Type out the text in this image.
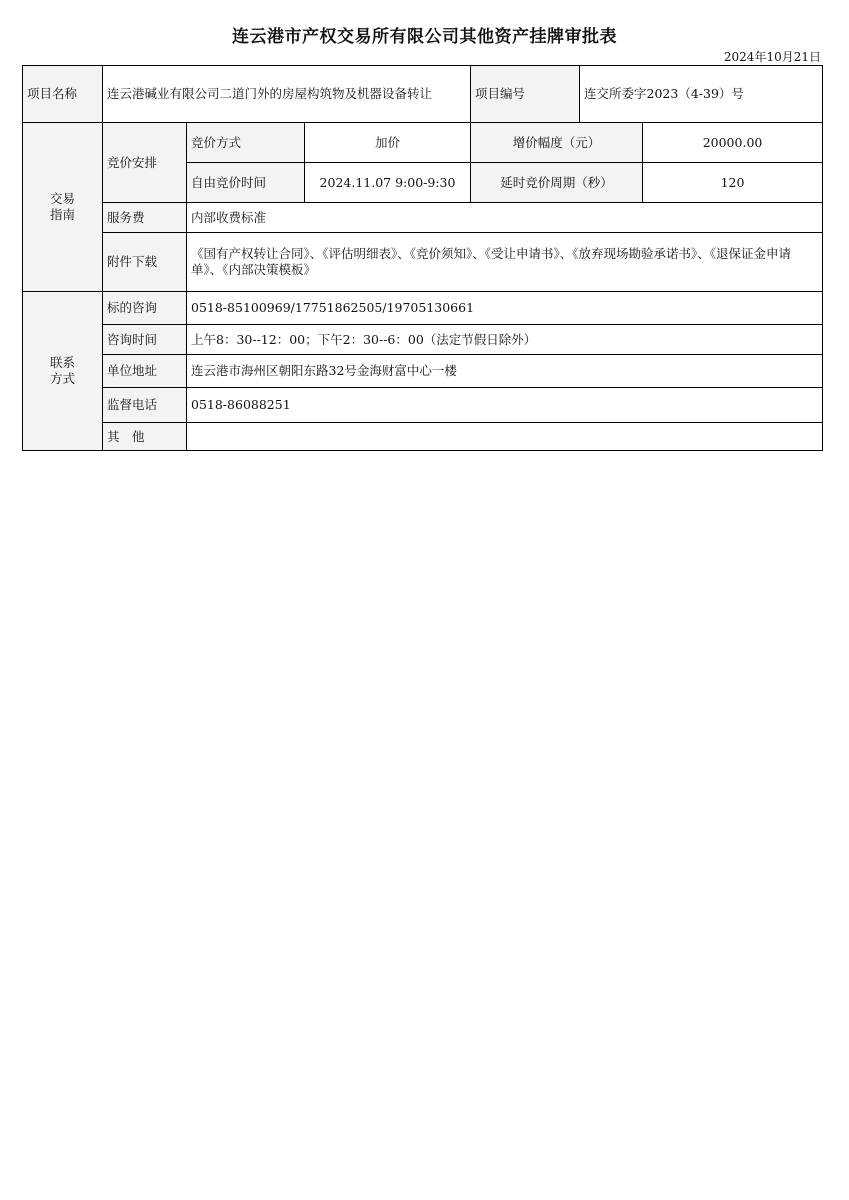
连云港市产权交易所有限公司其他资产挂牌审批表
2024年10月21日
项目名称	连云港碱业有限公司二道门外的房屋构筑物及机器设备转让			项目编号	连交所委字2023（4-39）号	

交易
指南	竞价安排	竞价方式	加价	增价幅度（元）		20000.00
		自由竞价时间	2024.11.07 9:00-9:30	延时竞价周期（秒）		120
	服务费	内部收费标准				
	附件下载	《国有产权转让合同》、《评估明细表》、《竞价须知》、《受让申请书》、《放弃现场勘验承诺书》、《退保证金申请单》、《内部决策模板》				

联系
方式	标的咨询	0518-85100969/17751862505/19705130661				
	咨询时间	上午8：30--12：00；下午2：30--6：00（法定节假日除外）				
	单位地址	连云港市海州区朝阳东路32号金海财富中心一楼				
	监督电话	0518-86088251				
	其　他					
